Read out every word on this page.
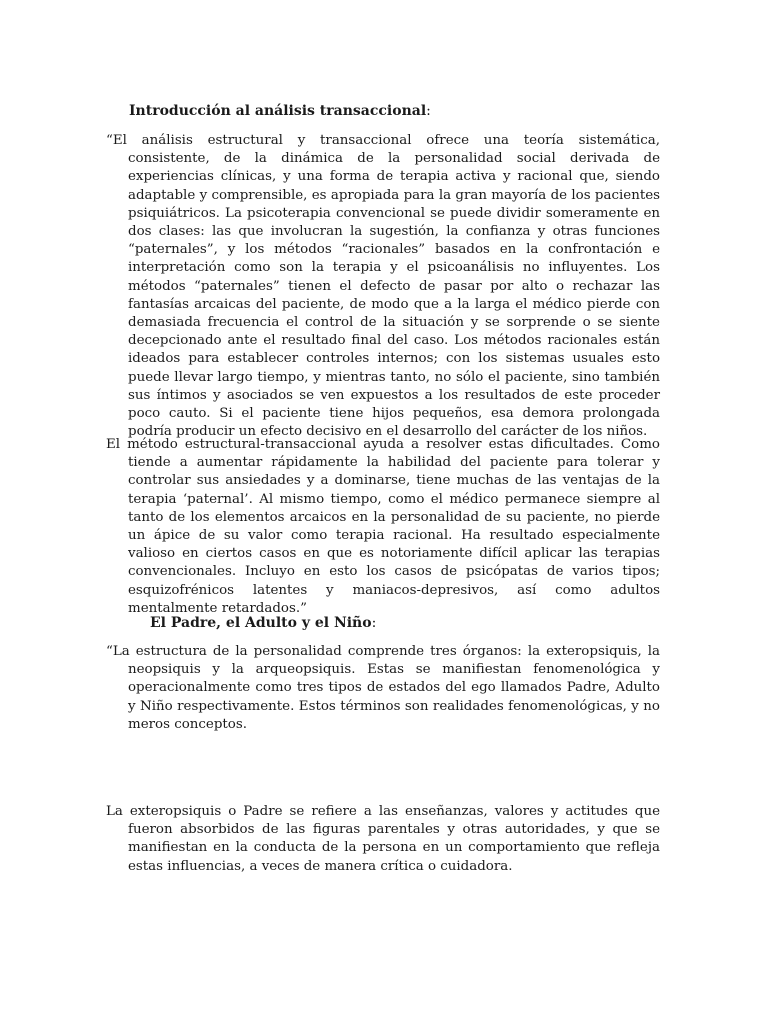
Introducción al análisis transaccional:

“El análisis estructural y transaccional ofrece una teoría sistemática, consistente, de la dinámica de la personalidad social derivada de experiencias clínicas, y una forma de terapia activa y racional que, siendo adaptable y comprensible, es apropiada para la gran mayoría de los pacientes psiquiátricos. La psicoterapia convencional se puede dividir someramente en dos clases: las que involucran la sugestión, la confianza y otras funciones “paternales”, y los métodos “racionales” basados en la confrontación e interpretación como son la terapia y el psicoanálisis no influyentes. Los métodos “paternales” tienen el defecto de pasar por alto o rechazar las fantasías arcaicas del paciente, de modo que a la larga el médico pierde con demasiada frecuencia el control de la situación y se sorprende o se siente decepcionado ante el resultado final del caso. Los métodos racionales están ideados para establecer controles internos; con los sistemas usuales esto puede llevar largo tiempo, y mientras tanto, no sólo el paciente, sino también sus íntimos y asociados se ven expuestos a los resultados de este proceder poco cauto. Si el paciente tiene hijos pequeños, esa demora prolongada podría producir un efecto decisivo en el desarrollo del carácter de los niños.

El método estructural-transaccional ayuda a resolver estas dificultades. Como tiende a aumentar rápidamente la habilidad del paciente para tolerar y controlar sus ansiedades y a dominarse, tiene muchas de las ventajas de la terapia ‘paternal’. Al mismo tiempo, como el médico permanece siempre al tanto de los elementos arcaicos en la personalidad de su paciente, no pierde un ápice de su valor como terapia racional. Ha resultado especialmente valioso en ciertos casos en que es notoriamente difícil aplicar las terapias convencionales. Incluyo en esto los casos de psicópatas de varios tipos; esquizofrénicos latentes y maniacos-depresivos, así como adultos mentalmente retardados.”

El Padre, el Adulto y el Niño:

“La estructura de la personalidad comprende tres órganos: la exteropsiquis, la neopsiquis y la arqueopsiquis. Estas se manifiestan fenomenológica y operacionalmente como tres tipos de estados del ego llamados Padre, Adulto y Niño respectivamente. Estos términos son realidades fenomenológicas, y no meros conceptos.

La exteropsiquis o Padre se refiere a las enseñanzas, valores y actitudes que fueron absorbidos de las figuras parentales y otras autoridades, y que se manifiestan en la conducta de la persona en un comportamiento que refleja estas influencias, a veces de manera crítica o cuidadora.
